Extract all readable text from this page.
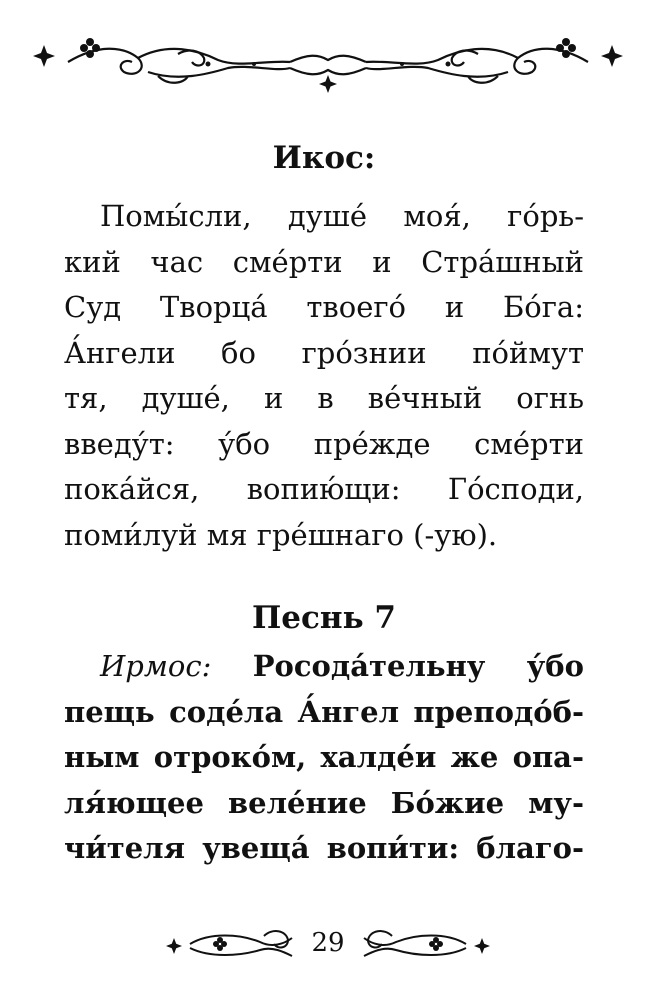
Икос:
Помы́сли, душе́ моя́, го́рь-
кий час сме́рти и Стра́шный
Суд Творца́ твоего́ и Бо́га:
А́нгели бо гро́знии по́ймут
тя, душе́, и в ве́чный огнь
введу́т: у́бо пре́жде сме́рти
пока́йся, вопию́щи: Го́споди,
поми́луй мя гре́шнаго (-ую).
Песнь 7
Ирмос: Росода́тельну у́бо
пещь соде́ла А́нгел преподо́б-
ным отроко́м, халде́и же опа-
ля́ющее веле́ние Бо́жие му-
чи́теля увеща́ вопи́ти: благо-
29
